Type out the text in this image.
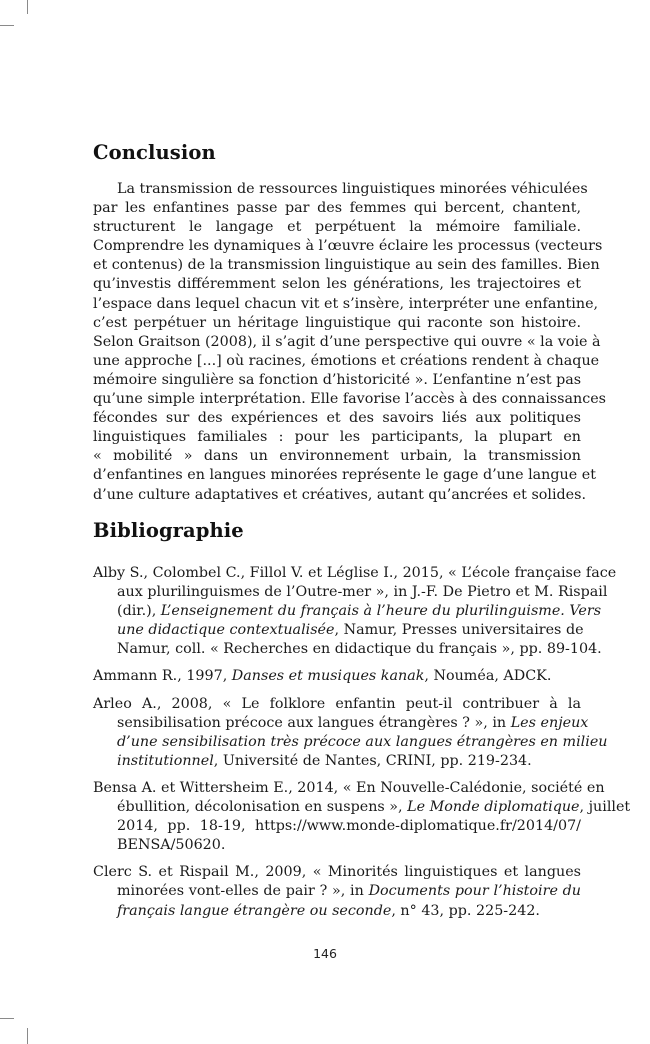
Conclusion
La transmission de ressources linguistiques minorées véhiculées
par les enfantines passe par des femmes qui bercent, chantent,
structurent le langage et perpétuent la mémoire familiale.
Comprendre les dynamiques à l’œuvre éclaire les processus (vecteurs
et contenus) de la transmission linguistique au sein des familles. Bien
qu’investis différemment selon les générations, les trajectoires et
l’espace dans lequel chacun vit et s’insère, interpréter une enfantine,
c’est perpétuer un héritage linguistique qui raconte son histoire.
Selon Graitson (2008), il s’agit d’une perspective qui ouvre « la voie à
une approche [...] où racines, émotions et créations rendent à chaque
mémoire singulière sa fonction d’historicité ». L’enfantine n’est pas
qu’une simple interprétation. Elle favorise l’accès à des connaissances
fécondes sur des expériences et des savoirs liés aux politiques
linguistiques familiales : pour les participants, la plupart en
« mobilité » dans un environnement urbain, la transmission
d’enfantines en langues minorées représente le gage d’une langue et
d’une culture adaptatives et créatives, autant qu’ancrées et solides.
Bibliographie
Alby S., Colombel C., Fillol V. et Léglise I., 2015, « L’école française face
aux plurilinguismes de l’Outre-mer », in J.-F. De Pietro et M. Rispail
(dir.), L’enseignement du français à l’heure du plurilinguisme. Vers
une didactique contextualisée, Namur, Presses universitaires de
Namur, coll. « Recherches en didactique du français », pp. 89-104.
Ammann R., 1997, Danses et musiques kanak, Nouméa, ADCK.
Arleo A., 2008, « Le folklore enfantin peut-il contribuer à la
sensibilisation précoce aux langues étrangères ? », in Les enjeux
d’une sensibilisation très précoce aux langues étrangères en milieu
institutionnel, Université de Nantes, CRINI, pp. 219-234.
Bensa A. et Wittersheim E., 2014, « En Nouvelle-Calédonie, société en
ébullition, décolonisation en suspens », Le Monde diplomatique, juillet
2014, pp. 18-19, https://www.monde-diplomatique.fr/2014/07/
BENSA/50620.
Clerc S. et Rispail M., 2009, « Minorités linguistiques et langues
minorées vont-elles de pair ? », in Documents pour l’histoire du
français langue étrangère ou seconde, n° 43, pp. 225-242.
146
